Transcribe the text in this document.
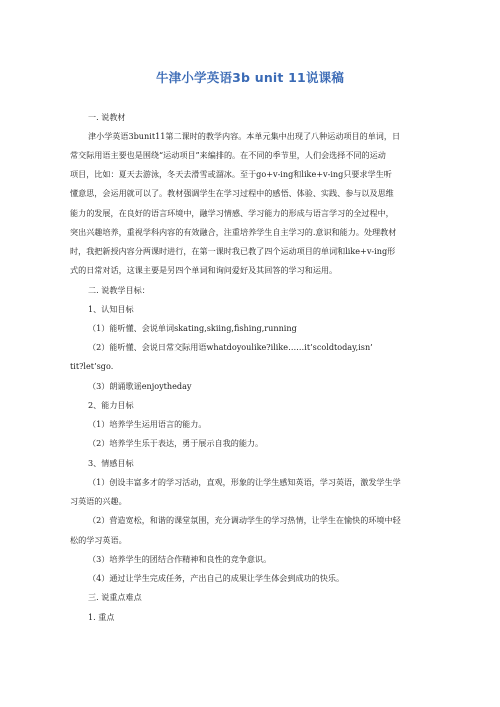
牛津小学英语3b unit 11说课稿
一. 说教材
津小学英语3bunit11第二课时的教学内容。本单元集中出现了八种运动项目的单词，日
常交际用语主要也是围绕“运动项目”来编排的。在不同的季节里，人们会选择不同的运动
项目，比如：夏天去游泳，冬天去滑雪或溜冰。至于go+v-ing和like+v-ing只要求学生听
懂意思，会运用就可以了。教材强调学生在学习过程中的感悟、体验、实践、参与以及思维
能力的发展，在良好的语言环境中，融学习情感、学习能力的形成与语言学习的全过程中，
突出兴趣培养，重视学科内容的有效融合，注重培养学生自主学习的.意识和能力。处理教材
时，我把新授内容分两课时进行，在第一课时我已教了四个运动项目的单词和like+v-ing形
式的日常对话，这课主要是另四个单词和询问爱好及其回答的学习和运用。
二. 说教学目标：
1、认知目标
（1）能听懂、会说单词skating,skiing,fishing,running
（2）能听懂、会说日常交际用语whatdoyoulike?ilike……it’scoldtoday,isn’
tit?let’sgo.
（3）朗诵歌谣enjoytheday
2、能力目标
（1）培养学生运用语言的能力。
（2）培养学生乐于表达，勇于展示自我的能力。
3、情感目标
（1）创设丰富多才的学习活动，直观，形象的让学生感知英语，学习英语，激发学生学
习英语的兴趣。
（2）营造宽松，和谐的课堂氛围，充分调动学生的学习热情，让学生在愉快的环境中轻
松的学习英语。
（3）培养学生的团结合作精神和良性的竞争意识。
（4）通过让学生完成任务，产出自己的成果让学生体会到成功的快乐。
三. 说重点难点
1. 重点
